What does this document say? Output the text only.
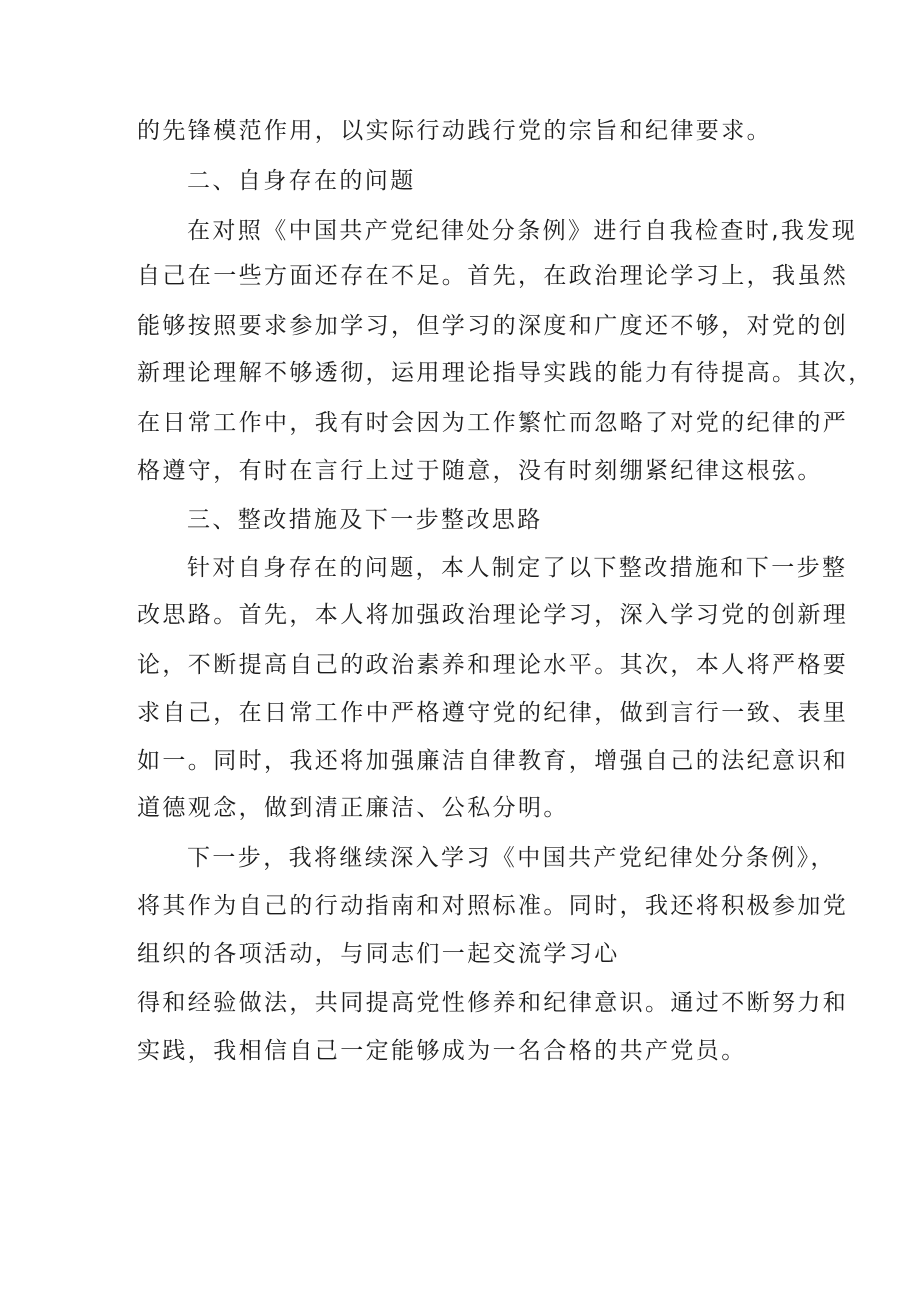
的先锋模范作用，以实际行动践行党的宗旨和纪律要求。
二、自身存在的问题
在对照《中国共产党纪律处分条例》进行自我检查时,我发现
自己在一些方面还存在不足。首先，在政治理论学习上，我虽然
能够按照要求参加学习，但学习的深度和广度还不够，对党的创
新理论理解不够透彻，运用理论指导实践的能力有待提高。其次，
在日常工作中，我有时会因为工作繁忙而忽略了对党的纪律的严
格遵守，有时在言行上过于随意，没有时刻绷紧纪律这根弦。
三、整改措施及下一步整改思路
针对自身存在的问题，本人制定了以下整改措施和下一步整
改思路。首先，本人将加强政治理论学习，深入学习党的创新理
论，不断提高自己的政治素养和理论水平。其次，本人将严格要
求自己，在日常工作中严格遵守党的纪律，做到言行一致、表里
如一。同时，我还将加强廉洁自律教育，增强自己的法纪意识和
道德观念，做到清正廉洁、公私分明。
下一步，我将继续深入学习《中国共产党纪律处分条例》，
将其作为自己的行动指南和对照标准。同时，我还将积极参加党
组织的各项活动，与同志们一起交流学习心
得和经验做法，共同提高党性修养和纪律意识。通过不断努力和
实践，我相信自己一定能够成为一名合格的共产党员。
